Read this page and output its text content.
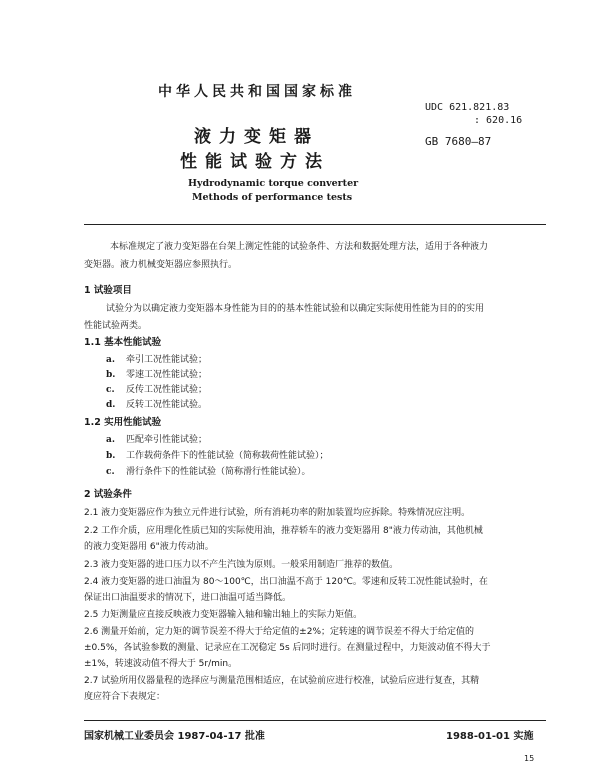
中华人民共和国国家标准
液力变矩器
性能试验方法
Hydrodynamic torque converter
Methods of performance tests
UDC 621.821.83
: 620.16
GB 7680—87
本标准规定了液力变矩器在台架上测定性能的试验条件、方法和数据处理方法，适用于各种液力
变矩器。液力机械变矩器应参照执行。
1 试验项目
试验分为以确定液力变矩器本身性能为目的的基本性能试验和以确定实际使用性能为目的的实用
性能试验两类。
1.1 基本性能试验
a. 牵引工况性能试验；
b. 零速工况性能试验；
c. 反传工况性能试验；
d. 反转工况性能试验。
1.2 实用性能试验
a. 匹配牵引性能试验；
b. 工作载荷条件下的性能试验（简称载荷性能试验）；
c. 滑行条件下的性能试验（简称滑行性能试验）。
2 试验条件
2.1 液力变矩器应作为独立元件进行试验，所有消耗功率的附加装置均应拆除。特殊情况应注明。
2.2 工作介质，应用理化性质已知的实际使用油，推荐轿车的液力变矩器用 8"液力传动油，其他机械
的液力变矩器用 6"液力传动油。
2.3 液力变矩器的进口压力以不产生汽蚀为原则。一般采用制造厂推荐的数值。
2.4 液力变矩器的进口油温为 80～100℃，出口油温不高于 120℃。零速和反转工况性能试验时，在
保证出口油温要求的情况下，进口油温可适当降低。
2.5 力矩测量应直接反映液力变矩器输入轴和输出轴上的实际力矩值。
2.6 测量开始前，定力矩的调节误差不得大于给定值的±2%；定转速的调节误差不得大于给定值的
±0.5%，各试验参数的测量、记录应在工况稳定 5s 后同时进行。在测量过程中，力矩波动值不得大于
±1%，转速波动值不得大于 5r/min。
2.7 试验所用仪器量程的选择应与测量范围相适应，在试验前应进行校准，试验后应进行复查，其精
度应符合下表规定：
国家机械工业委员会 1987-04-17 批准	1988-01-01 实施
15
